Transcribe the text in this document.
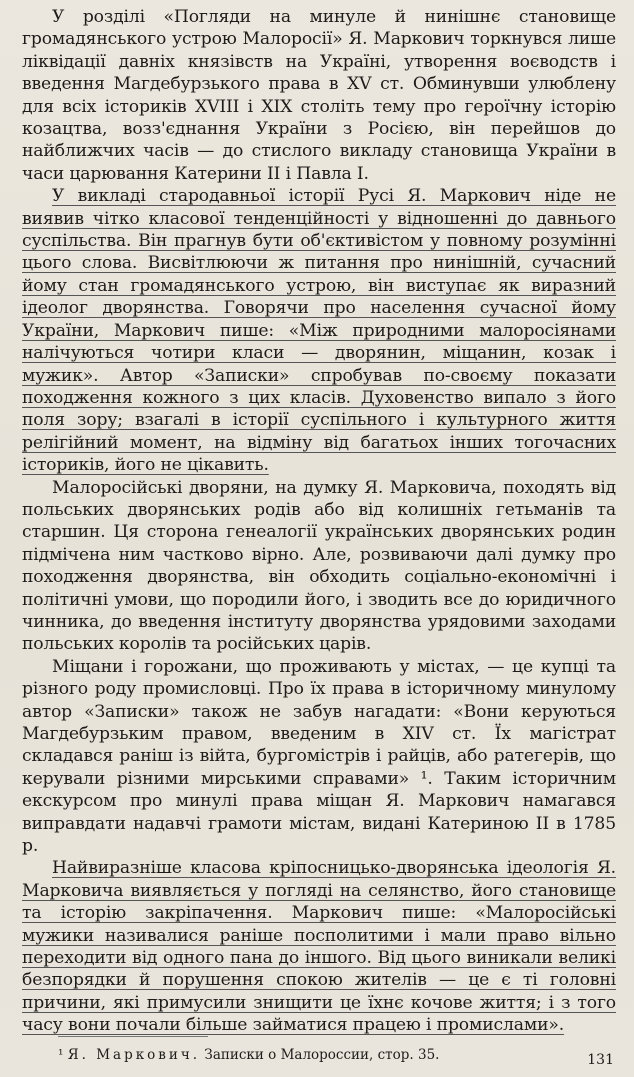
У розділі «Погляди на минуле й нинішнє становище громадянського устрою Малоросії» Я. Маркович торкнувся лише ліквідації давніх князівств на Україні, утворення воєводств і введення Магдебурзького права в XV ст. Обминувши улюблену для всіх істориків XVIII і XIX століть тему про героїчну історію козацтва, возз'єднання України з Росією, він перейшов до найближчих часів — до стислого викладу становища України в часи царювання Катерини II і Павла I.

У викладі стародавньої історії Русі Я. Маркович ніде не виявив чітко класової тенденційності у відношенні до давнього суспільства. Він прагнув бути об'єктивістом у повному розумінні цього слова. Висвітлюючи ж питання про нинішній, сучасний йому стан громадянського устрою, він виступає як виразний ідеолог дворянства. Говорячи про населення сучасної йому України, Маркович пише: «Між природними малоросіянами налічуються чотири класи — дворянин, міщанин, козак і мужик». Автор «Записки» спробував по-своєму показати походження кожного з цих класів. Духовенство випало з його поля зору; взагалі в історії суспільного і культурного життя релігійний момент, на відміну від багатьох інших тогочасних істориків, його не цікавить.

Малоросійські дворяни, на думку Я. Марковича, походять від польських дворянських родів або від колишніх гетьманів та старшин. Ця сторона генеалогії українських дворянських родин підмічена ним частково вірно. Але, розвиваючи далі думку про походження дворянства, він обходить соціально-економічні і політичні умови, що породили його, і зводить все до юридичного чинника, до введення інституту дворянства урядовими заходами польських королів та російських царів.

Міщани і горожани, що проживають у містах, — це купці та різного роду промисловці. Про їх права в історичному минулому автор «Записки» також не забув нагадати: «Вони керуються Магдебурзьким правом, введеним в XIV ст. Їх магістрат складався раніш із війта, бургомістрів і райців, або ратегерів, що керували різними мирськими справами» ¹. Таким історичним екскурсом про минулі права міщан Я. Маркович намагався виправдати надавчі грамоти містам, видані Катериною II в 1785 р.

Найвиразніше класова кріпосницько-дворянська ідеологія Я. Марковича виявляється у погляді на селянство, його становище та історію закріпачення. Маркович пише: «Малоросійські мужики називалися раніше посполитими і мали право вільно переходити від одного пана до іншого. Від цього виникали великі безпорядки й порушення спокою жителів — це є ті головні причини, які примусили знищити це їхнє кочове життя; і з того часу вони почали більше займатися працею і промислами».

¹ Я. Маркович. Записки о Малороссии, стор. 35.	131
